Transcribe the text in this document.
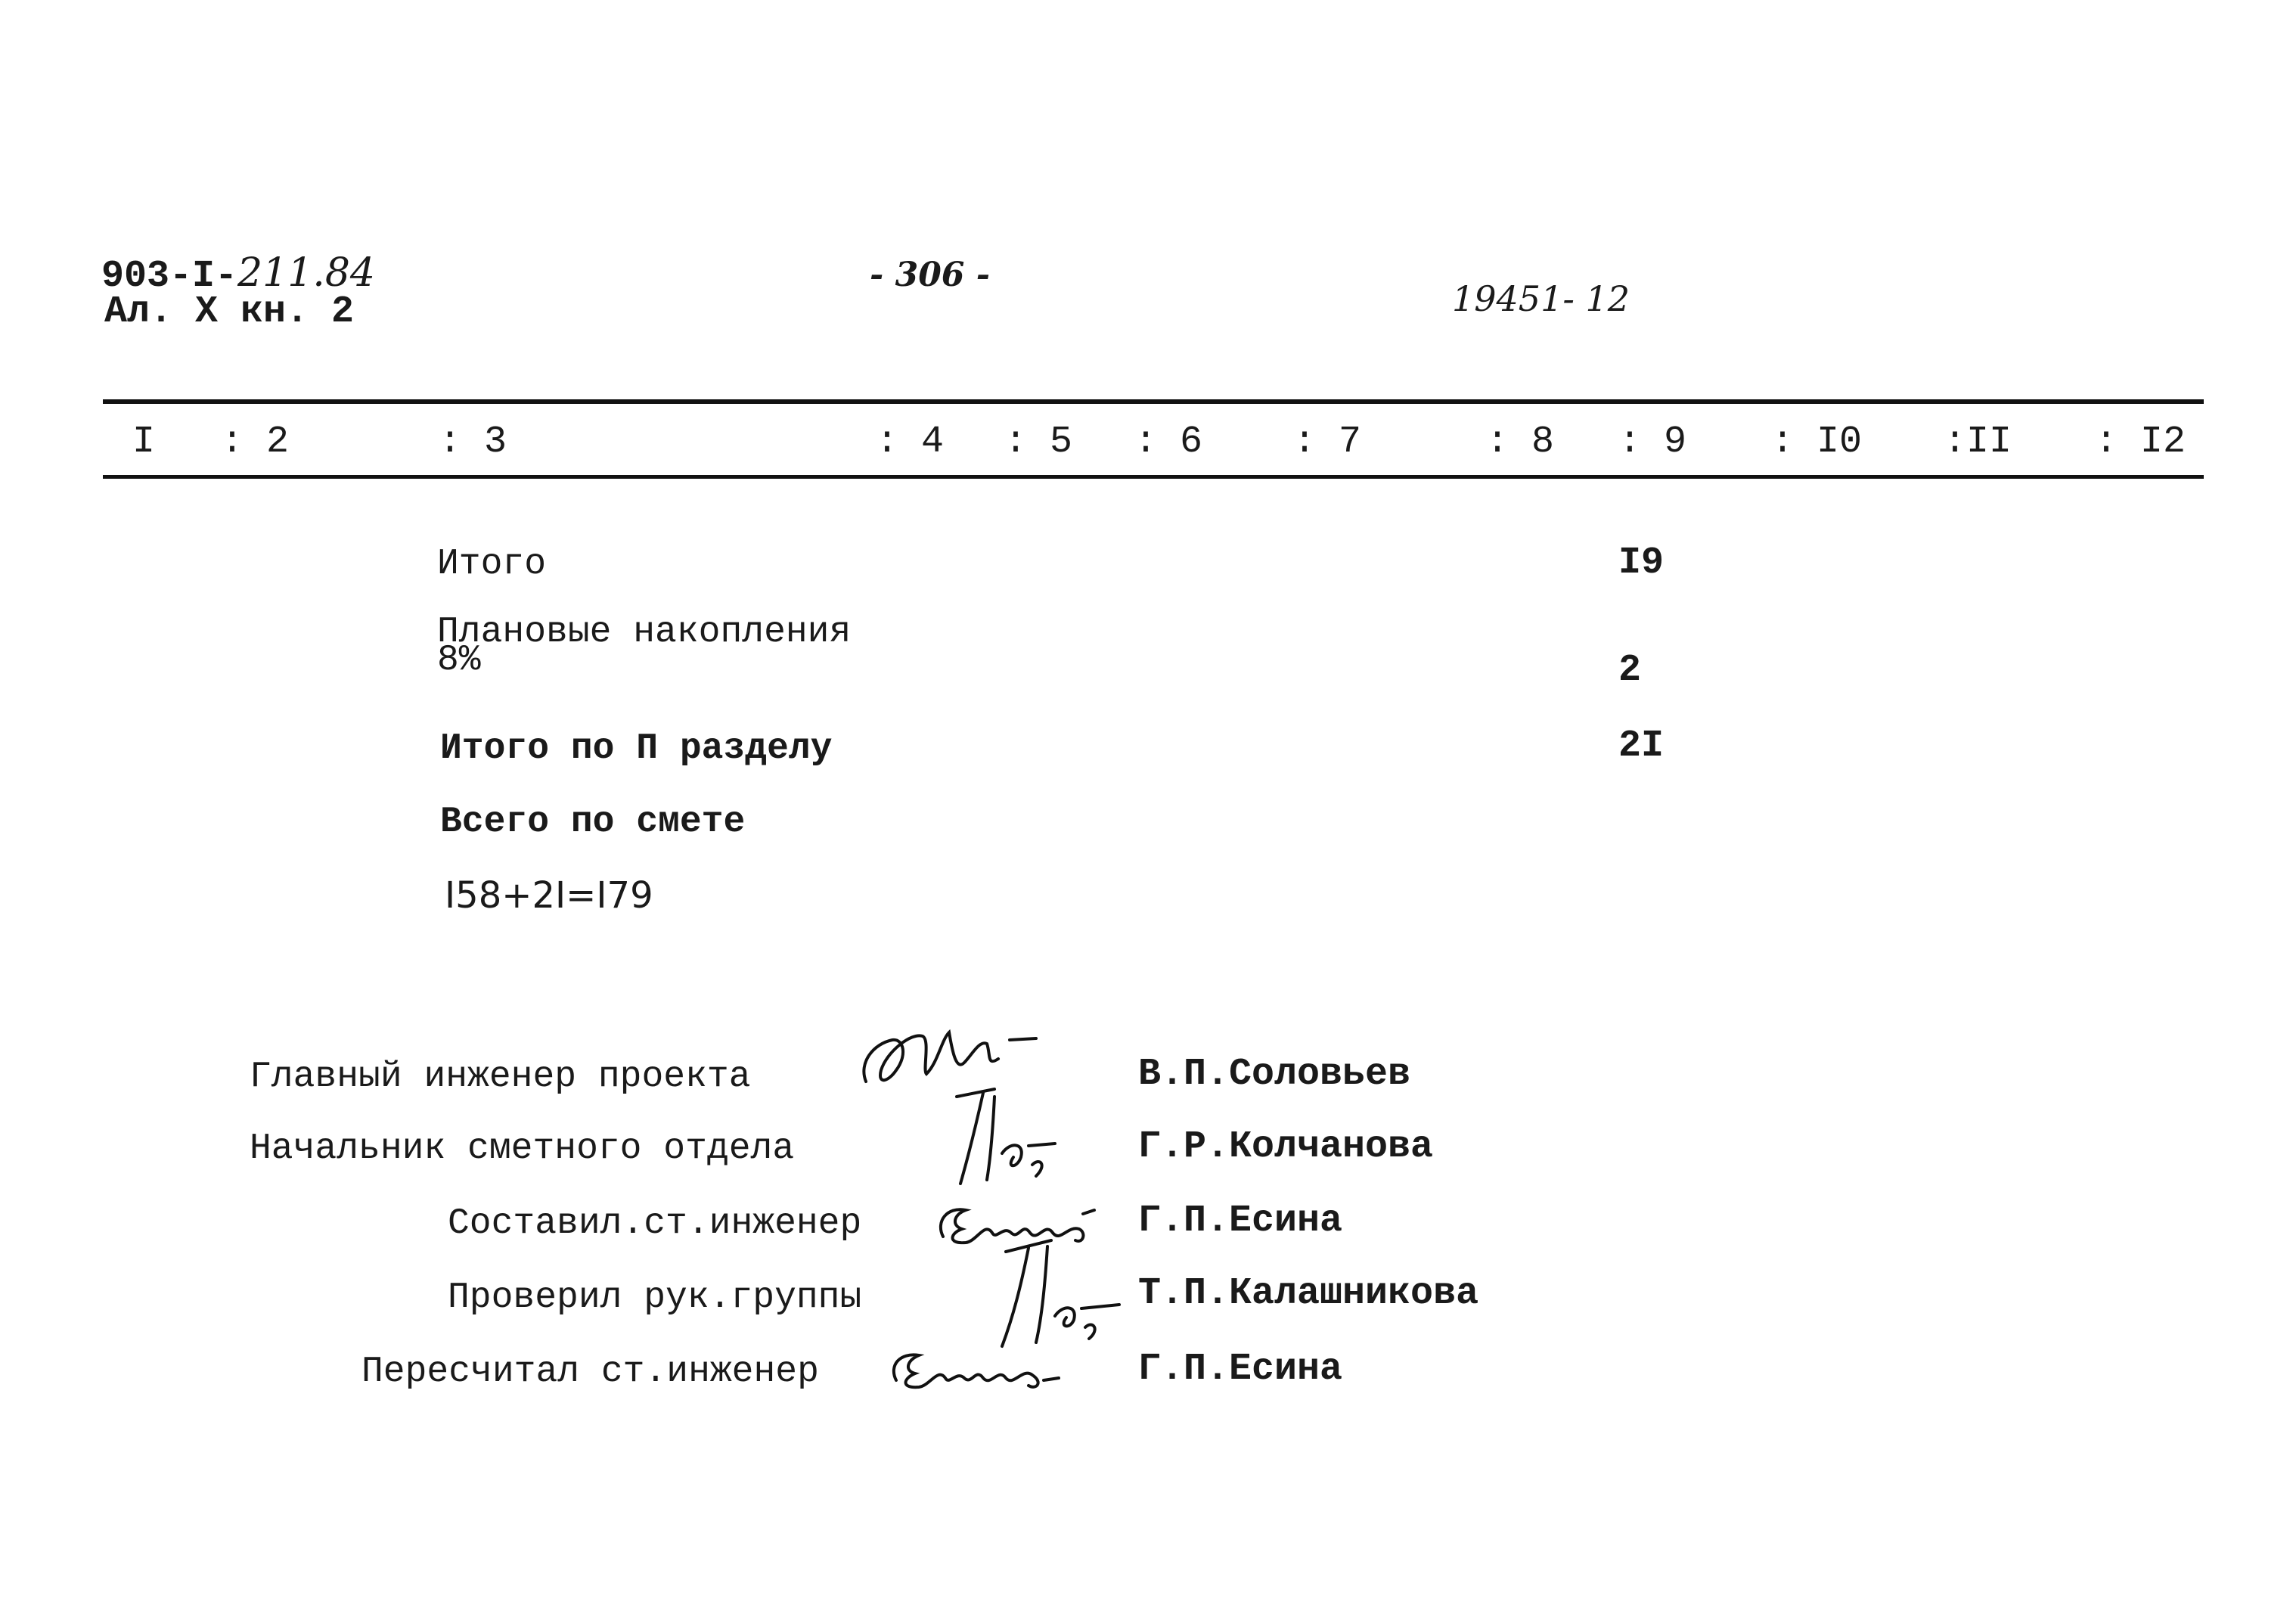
903-I-211.84
Ал. X кн. 2
- 306 -
19451- 12
I : 2	: 3	: 4 : 5 : 6 : 7	: 8 : 9 : I0 :II : I2
Итого	I9
Плановые накопления
8%	2
Итого по П разделу	2I
Всего по смете
I58+2I=I79
Главный инженер проекта	В.П.Соловьев
Начальник сметного отдела	Г.Р.Колчанова
Составил.ст.инженер	Г.П.Есина
Проверил рук.группы	Т.П.Калашникова
Пересчитал ст.инженер	Г.П.Есина
